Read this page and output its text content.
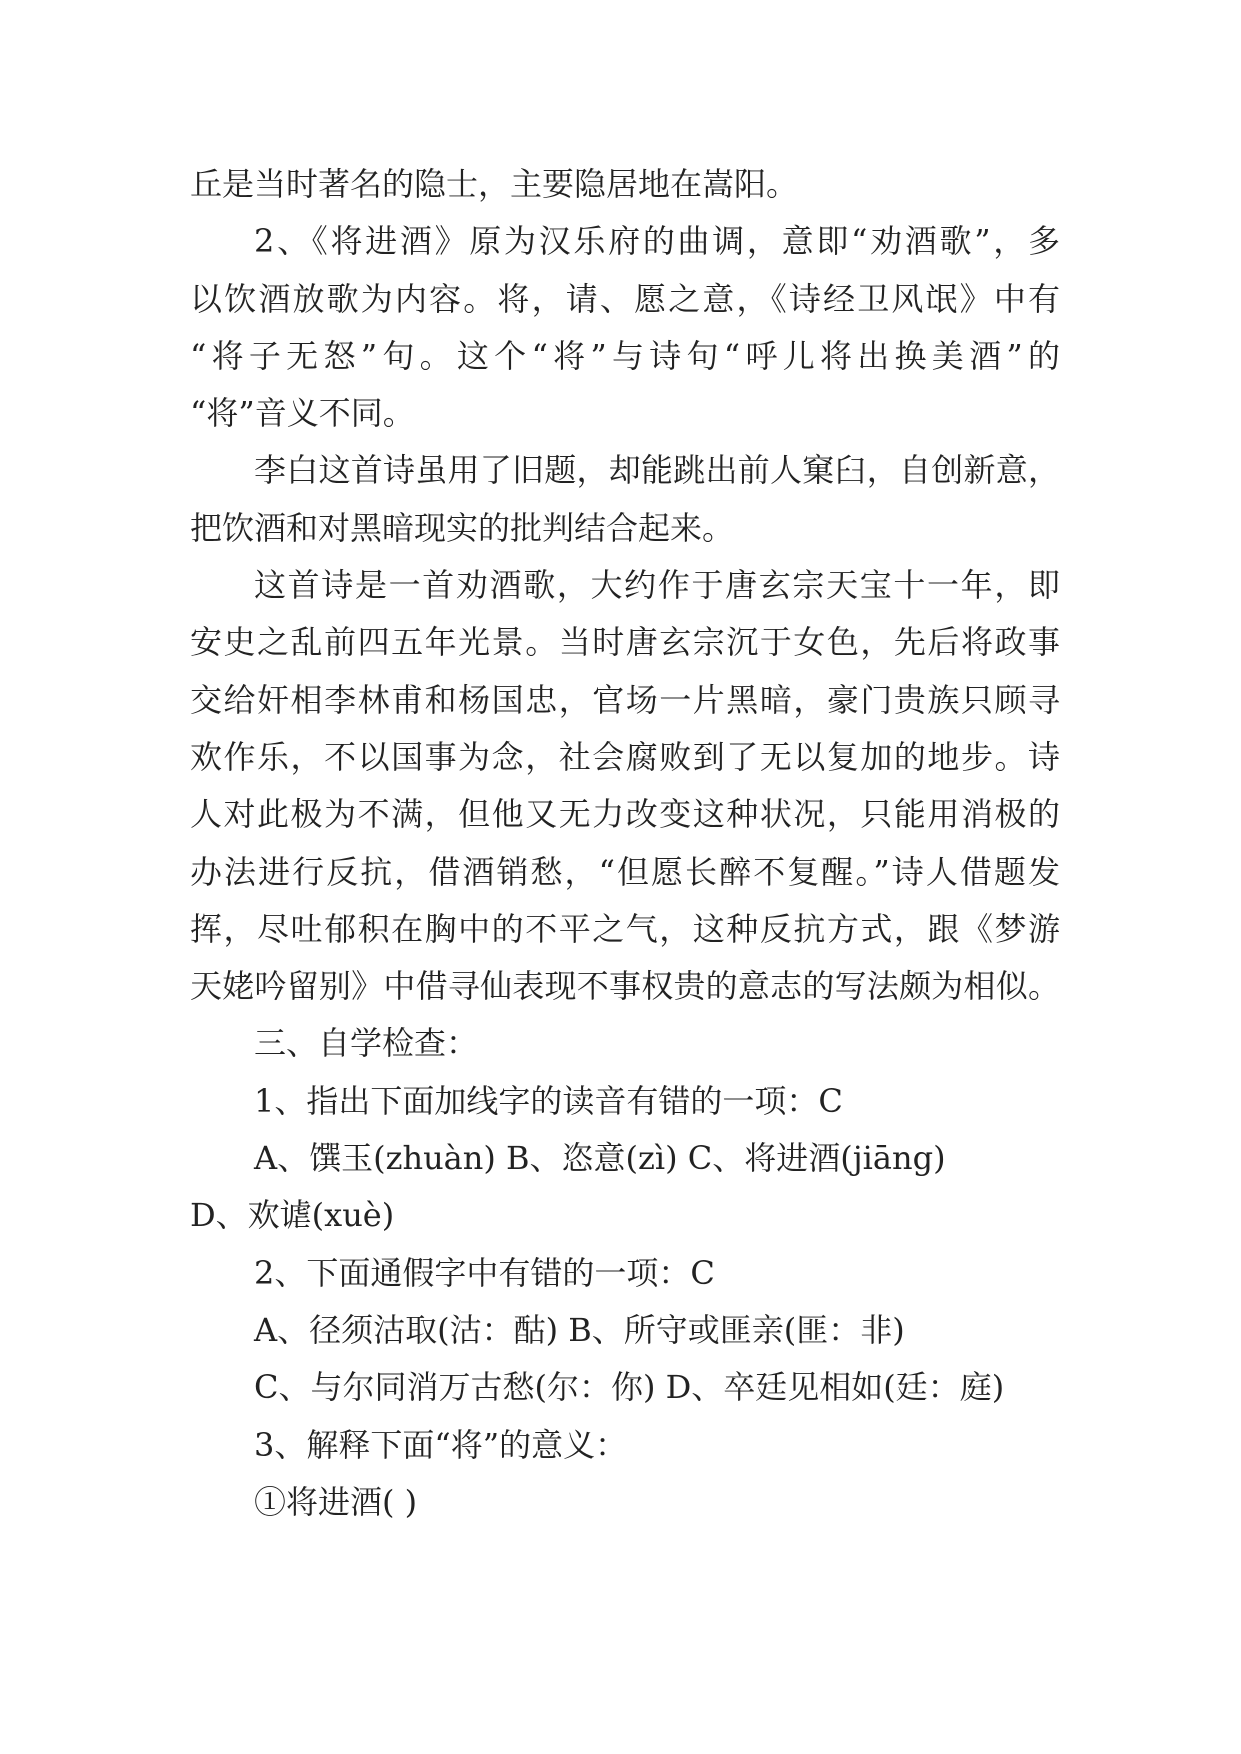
丘是当时著名的隐士，主要隐居地在嵩阳。
2、《将进酒》原为汉乐府的曲调，意即“劝酒歌”，多
以饮酒放歌为内容。将，请、愿之意，《诗经卫风氓》中有
“将子无怒”句。这个“将”与诗句“呼儿将出换美酒”的
“将”音义不同。
李白这首诗虽用了旧题，却能跳出前人窠臼，自创新意，
把饮酒和对黑暗现实的批判结合起来。
这首诗是一首劝酒歌，大约作于唐玄宗天宝十一年，即
安史之乱前四五年光景。当时唐玄宗沉于女色，先后将政事
交给奸相李林甫和杨国忠，官场一片黑暗，豪门贵族只顾寻
欢作乐，不以国事为念，社会腐败到了无以复加的地步。诗
人对此极为不满，但他又无力改变这种状况，只能用消极的
办法进行反抗，借酒销愁，“但愿长醉不复醒。”诗人借题发
挥，尽吐郁积在胸中的不平之气，这种反抗方式，跟《梦游
天姥吟留别》中借寻仙表现不事权贵的意志的写法颇为相似。
三、自学检查：
1、指出下面加线字的读音有错的一项：C
A、馔玉(zhuàn) B、恣意(zì) C、将进酒(jiāng)
D、欢谑(xuè)
2、下面通假字中有错的一项：C
A、径须沽取(沽：酤) B、所守或匪亲(匪：非)
C、与尔同消万古愁(尔：你) D、卒廷见相如(廷：庭)
3、解释下面“将”的意义：
①将进酒( )
